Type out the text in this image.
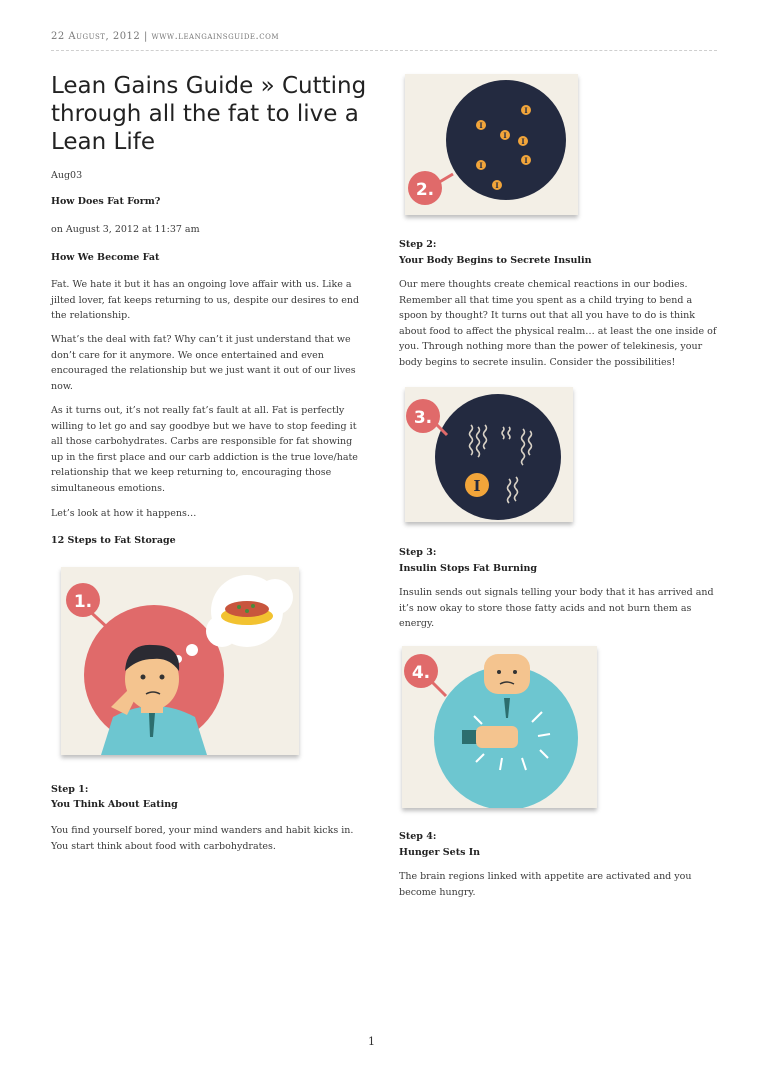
22 August, 2012 | www.leangainsguide.com
Lean Gains Guide » Cutting through all the fat to live a Lean Life
Aug03
How Does Fat Form?
on August 3, 2012 at 11:37 am
How We Become Fat
Fat. We hate it but it has an ongoing love affair with us. Like a jilted lover, fat keeps returning to us, despite our desires to end the relationship.
What’s the deal with fat? Why can’t it just understand that we don’t care for it anymore. We once entertained and even encouraged the relationship but we just want it out of our lives now.
As it turns out, it’s not really fat’s fault at all. Fat is perfectly willing to let go and say goodbye but we have to stop feeding it all those carbohydrates. Carbs are responsible for fat showing up in the first place and our carb addiction is the true love/hate relationship that we keep returning to, encouraging those simultaneous emotions.
Let’s look at how it happens…
12 Steps to Fat Storage
1.
Step 1:
You Think About Eating
You find yourself bored, your mind wanders and habit kicks in. You start think about food with carbohydrates.
2.
I
I
I
I
I
I
I
Step 2:
Your Body Begins to Secrete Insulin
Our mere thoughts create chemical reactions in our bodies. Remember all that time you spent as a child trying to bend a spoon by thought? It turns out that all you have to do is think about food to affect the physical realm… at least the one inside of you. Through nothing more than the power of telekinesis, your body begins to secrete insulin. Consider the possibilities!
3.
I
Step 3:
Insulin Stops Fat Burning
Insulin sends out signals telling your body that it has arrived and it’s now okay to store those fatty acids and not burn them as energy.
4.
Step 4:
Hunger Sets In
The brain regions linked with appetite are activated and you become hungry.
1
